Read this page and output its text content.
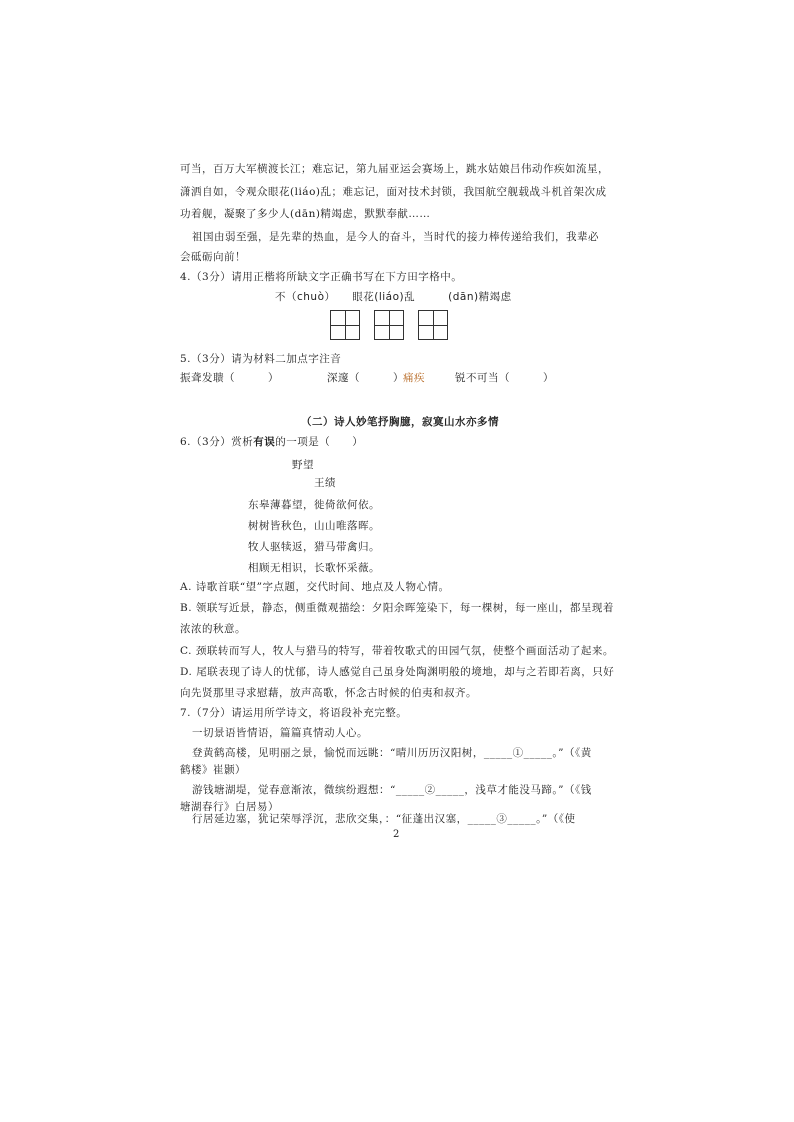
可当，百万大军横渡长江；难忘记，第九届亚运会赛场上，跳水姑娘吕伟动作疾如流星，
潇洒自如，令观众眼花(liáo)乱；难忘记，面对技术封锁，我国航空舰载战斗机首架次成
功着舰，凝聚了多少人(dān)精竭虑，默默奉献……
祖国由弱至强，是先辈的热血，是今人的奋斗，当时代的接力棒传递给我们，我辈必
会砥砺向前！
4.（3分）请用正楷将所缺文字正确书写在下方田字格中。
不（chuò）　　眼花(liáo)乱　　　(dān)精竭虑
5.（3分）请为材料二加点字注音
振聋发聩（　　　）	深邃（　　　） 痛疾	锐不可当（　　　）
（二）诗人妙笔抒胸臆，寂寞山水亦多情
6.（3分）赏析有误的一项是（　　）
野望
王绩
东皋薄暮望，徙倚欲何依。
树树皆秋色，山山唯落晖。
牧人驱犊返，猎马带禽归。
相顾无相识，长歌怀采薇。
A. 诗歌首联“望”字点题，交代时间、地点及人物心情。
B. 领联写近景，静态，侧重微观描绘：夕阳余晖笼染下，每一棵树，每一座山，都呈现着
浓浓的秋意。
C. 颈联转而写人，牧人与猎马的特写，带着牧歌式的田园气氛，使整个画面活动了起来。
D. 尾联表现了诗人的忧郁，诗人感觉自己虽身处陶渊明般的境地，却与之若即若离，只好
向先贤那里寻求慰藉，放声高歌，怀念古时候的伯夷和叔齐。
7.（7分）请运用所学诗文，将语段补充完整。
一切景语皆情语，篇篇真情动人心。
登黄鹤高楼，见明丽之景，愉悦而远眺：“晴川历历汉阳树，_____①_____。”（《黄
鹤楼》崔颢）
游钱塘湖堤，觉春意渐浓，微缤纷遐想：“_____②_____，浅草才能没马蹄。”（《钱
塘湖春行》白居易）
行居延边塞，犹记荣辱浮沉，悲欣交集，：“征蓬出汉塞，_____③_____。”（《使
2
